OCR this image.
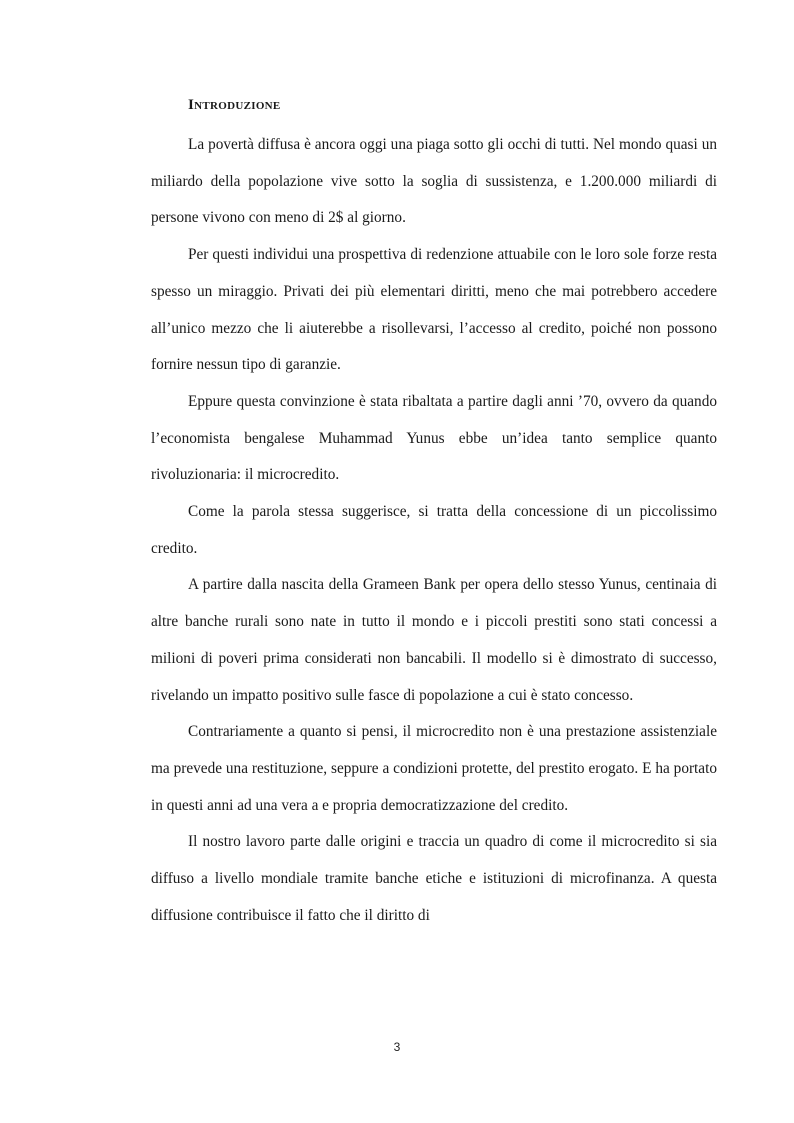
Introduzione

La povertà diffusa è ancora oggi una piaga sotto gli occhi di tutti. Nel mondo quasi un miliardo della popolazione vive sotto la soglia di sussistenza, e 1.200.000 miliardi di persone vivono con meno di 2$ al giorno.

Per questi individui una prospettiva di redenzione attuabile con le loro sole forze resta spesso un miraggio. Privati dei più elementari diritti, meno che mai potrebbero accedere all’unico mezzo che li aiuterebbe a risollevarsi, l’accesso al credito, poiché non possono fornire nessun tipo di garanzie.

Eppure questa convinzione è stata ribaltata a partire dagli anni ’70, ovvero da quando l’economista bengalese Muhammad Yunus ebbe un’idea tanto semplice quanto rivoluzionaria: il microcredito.

Come la parola stessa suggerisce, si tratta della concessione di un piccolissimo credito.

A partire dalla nascita della Grameen Bank per opera dello stesso Yunus, centinaia di altre banche rurali sono nate in tutto il mondo e i piccoli prestiti sono stati concessi a milioni di poveri prima considerati non bancabili. Il modello si è dimostrato di successo, rivelando un impatto positivo sulle fasce di popolazione a cui è stato concesso.

Contrariamente a quanto si pensi, il microcredito non è una prestazione assistenziale ma prevede una restituzione, seppure a condizioni protette, del prestito erogato. E ha portato in questi anni ad una vera a e propria democratizzazione del credito.

Il nostro lavoro parte dalle origini e traccia un quadro di come il microcredito si sia diffuso a livello mondiale tramite banche etiche e istituzioni di microfinanza. A questa diffusione contribuisce il fatto che il diritto di

3
